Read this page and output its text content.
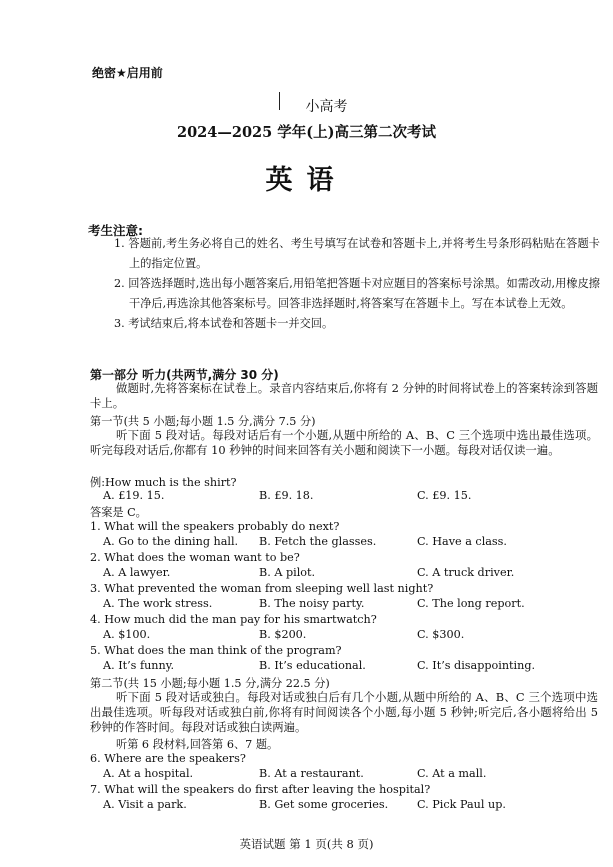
绝密★启用前
小高考
2024—2025 学年(上)高三第二次考试
英语
考生注意:

1. 答题前,考生务必将自己的姓名、考生号填写在试卷和答题卡上,并将考生号条形码粘贴在答题卡上的指定位置。

2. 回答选择题时,选出每小题答案后,用铅笔把答题卡对应题目的答案标号涂黑。如需改动,用橡皮擦干净后,再选涂其他答案标号。回答非选择题时,将答案写在答题卡上。写在本试卷上无效。

3. 考试结束后,将本试卷和答题卡一并交回。

第一部分 听力(共两节,满分 30 分)
做题时,先将答案标在试卷上。录音内容结束后,你将有 2 分钟的时间将试卷上的答案转涂到答题卡上。
第一节(共 5 小题;每小题 1.5 分,满分 7.5 分)
听下面 5 段对话。每段对话后有一个小题,从题中所给的 A、B、C 三个选项中选出最佳选项。听完每段对话后,你都有 10 秒钟的时间来回答有关小题和阅读下一小题。每段对话仅读一遍。
例:How much is the shirt?
A. £19. 15.	B. £9. 18.	C. £9. 15.
答案是 C。
1. What will the speakers probably do next?
A. Go to the dining hall. B. Fetch the glasses.	C. Have a class.
2. What does the woman want to be?
A. A lawyer.	B. A pilot.	C. A truck driver.
3. What prevented the woman from sleeping well last night?
A. The work stress.	B. The noisy party.	C. The long report.
4. How much did the man pay for his smartwatch?
A. $100.	B. $200.	C. $300.
5. What does the man think of the program?
A. It’s funny.	B. It’s educational.	C. It’s disappointing.
第二节(共 15 小题;每小题 1.5 分,满分 22.5 分)
听下面 5 段对话或独白。每段对话或独白后有几个小题,从题中所给的 A、B、C 三个选项中选出最佳选项。听每段对话或独白前,你将有时间阅读各个小题,每小题 5 秒钟;听完后,各小题将给出 5 秒钟的作答时间。每段对话或独白读两遍。
听第 6 段材料,回答第 6、7 题。
6. Where are the speakers?
A. At a hospital.	B. At a restaurant.	C. At a mall.
7. What will the speakers do first after leaving the hospital?
A. Visit a park.	B. Get some groceries.	C. Pick Paul up.
英语试题 第 1 页(共 8 页)
